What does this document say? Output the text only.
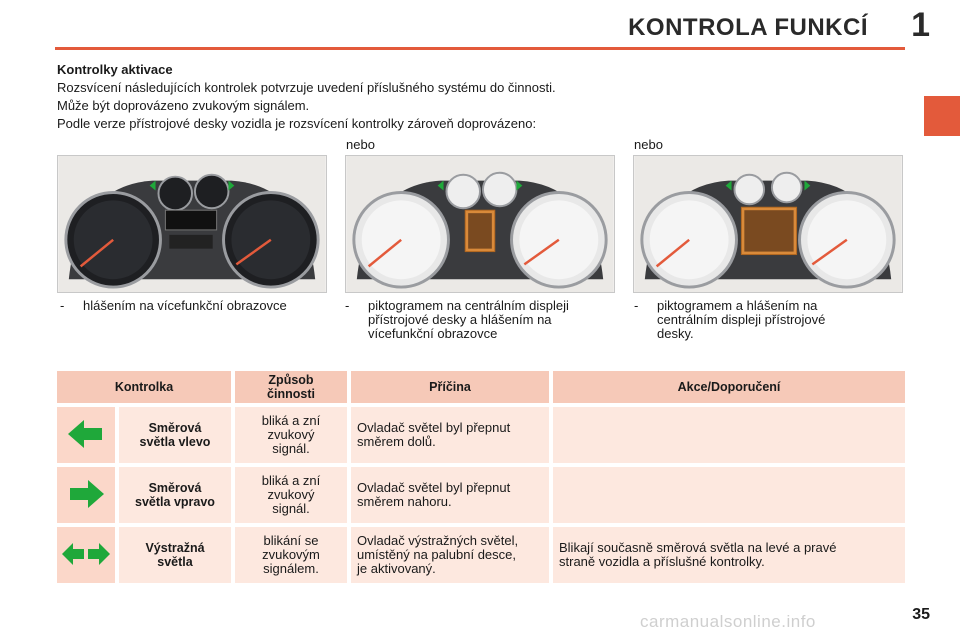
KONTROLA FUNKCÍ 1

Kontrolky aktivace

Rozsvícení následujících kontrolek potvrzuje uvedení příslušného systému do činnosti.

Může být doprovázeno zvukovým signálem.

Podle verze přístrojové desky vozidla je rozsvícení kontrolky zároveň doprovázeno:

nebo	nebo
- hlášením na vícefunkční obrazovce	- piktogramem na centrálním displeji
přístrojové desky a hlášením na
vícefunkční obrazovce
- piktogramem a hlášením na
centrálním displeji přístrojové
desky.
Kontrolka		Způsob
činnosti	Příčina	Akce/Doporučení
	Směrová
světla vlevo	bliká a zní
zvukový
signál.	Ovladač světel byl přepnut
směrem dolů.	
	Směrová
světla vpravo	bliká a zní
zvukový
signál.	Ovladač světel byl přepnut
směrem nahoru.	
	Výstražná
světla	blikání se
zvukovým
signálem.	Ovladač výstražných světel,
umístěný na palubní desce,
je aktivovaný.	Blikají současně směrová světla na levé a pravé
straně vozidla a příslušné kontrolky.
35
carmanualsonline.info
